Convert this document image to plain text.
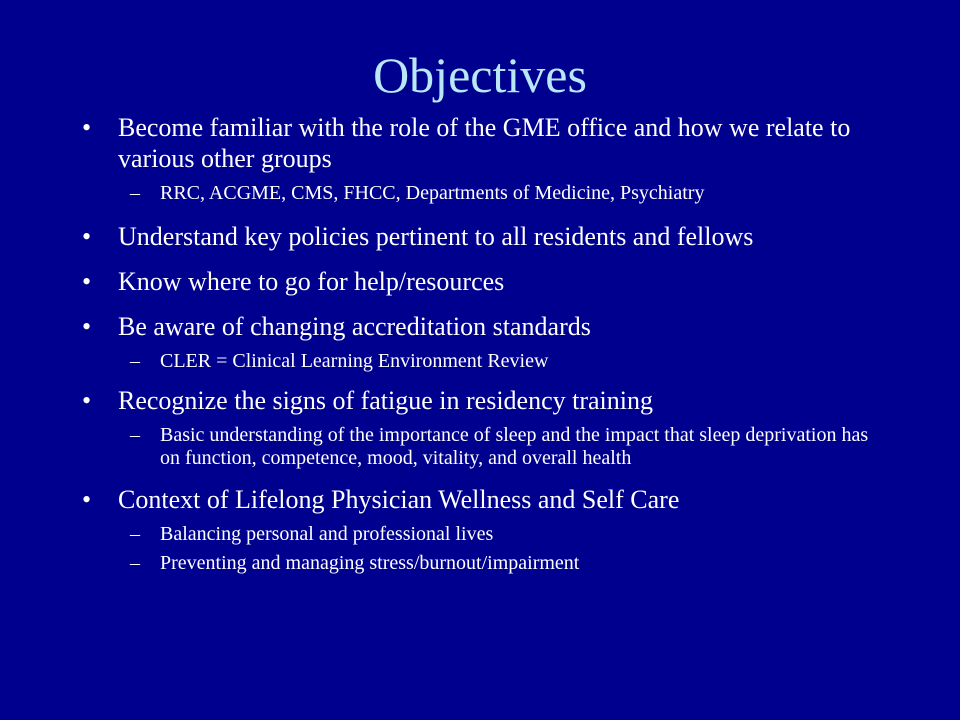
Objectives
• Become familiar with the role of the GME office and how we relate to various other groups
– RRC, ACGME, CMS, FHCC, Departments of Medicine, Psychiatry
• Understand key policies pertinent to all residents and fellows
• Know where to go for help/resources
• Be aware of changing accreditation standards
– CLER = Clinical Learning Environment Review
• Recognize the signs of fatigue in residency training
– Basic understanding of the importance of sleep and the impact that sleep deprivation has on function, competence, mood, vitality, and overall health
• Context of Lifelong Physician Wellness and Self Care
– Balancing personal and professional lives
– Preventing and managing stress/burnout/impairment
